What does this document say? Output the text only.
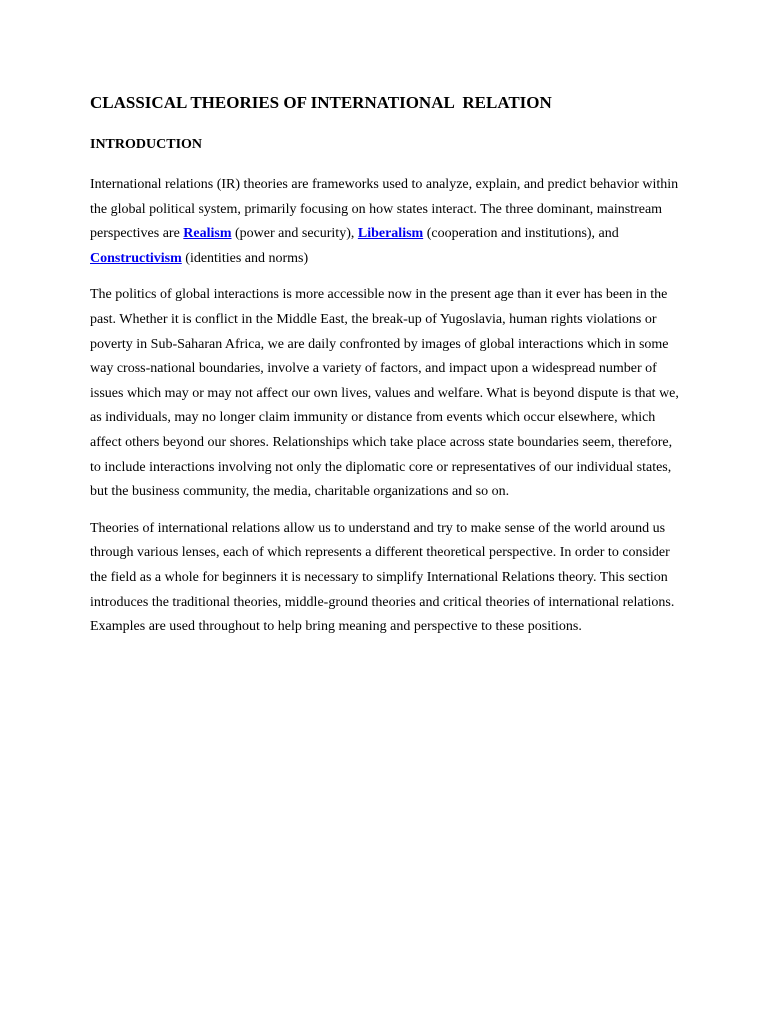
CLASSICAL THEORIES OF INTERNATIONAL  RELATION
INTRODUCTION

International relations (IR) theories are frameworks used to analyze, explain, and predict behavior within the global political system, primarily focusing on how states interact. The three dominant, mainstream perspectives are Realism (power and security), Liberalism (cooperation and institutions), and Constructivism (identities and norms)

The politics of global interactions is more accessible now in the present age than it ever has been in the past. Whether it is conflict in the Middle East, the break-up of Yugoslavia, human rights violations or poverty in Sub-Saharan Africa, we are daily confronted by images of global interactions which in some way cross-national boundaries, involve a variety of factors, and impact upon a widespread number of issues which may or may not affect our own lives, values and welfare. What is beyond dispute is that we, as individuals, may no longer claim immunity or distance from events which occur elsewhere, which affect others beyond our shores. Relationships which take place across state boundaries seem, therefore, to include interactions involving not only the diplomatic core or representatives of our individual states, but the business community, the media, charitable organizations and so on.

Theories of international relations allow us to understand and try to make sense of the world around us through various lenses, each of which represents a different theoretical perspective. In order to consider the field as a whole for beginners it is necessary to simplify International Relations theory. This section introduces the traditional theories, middle-ground theories and critical theories of international relations. Examples are used throughout to help bring meaning and perspective to these positions.
